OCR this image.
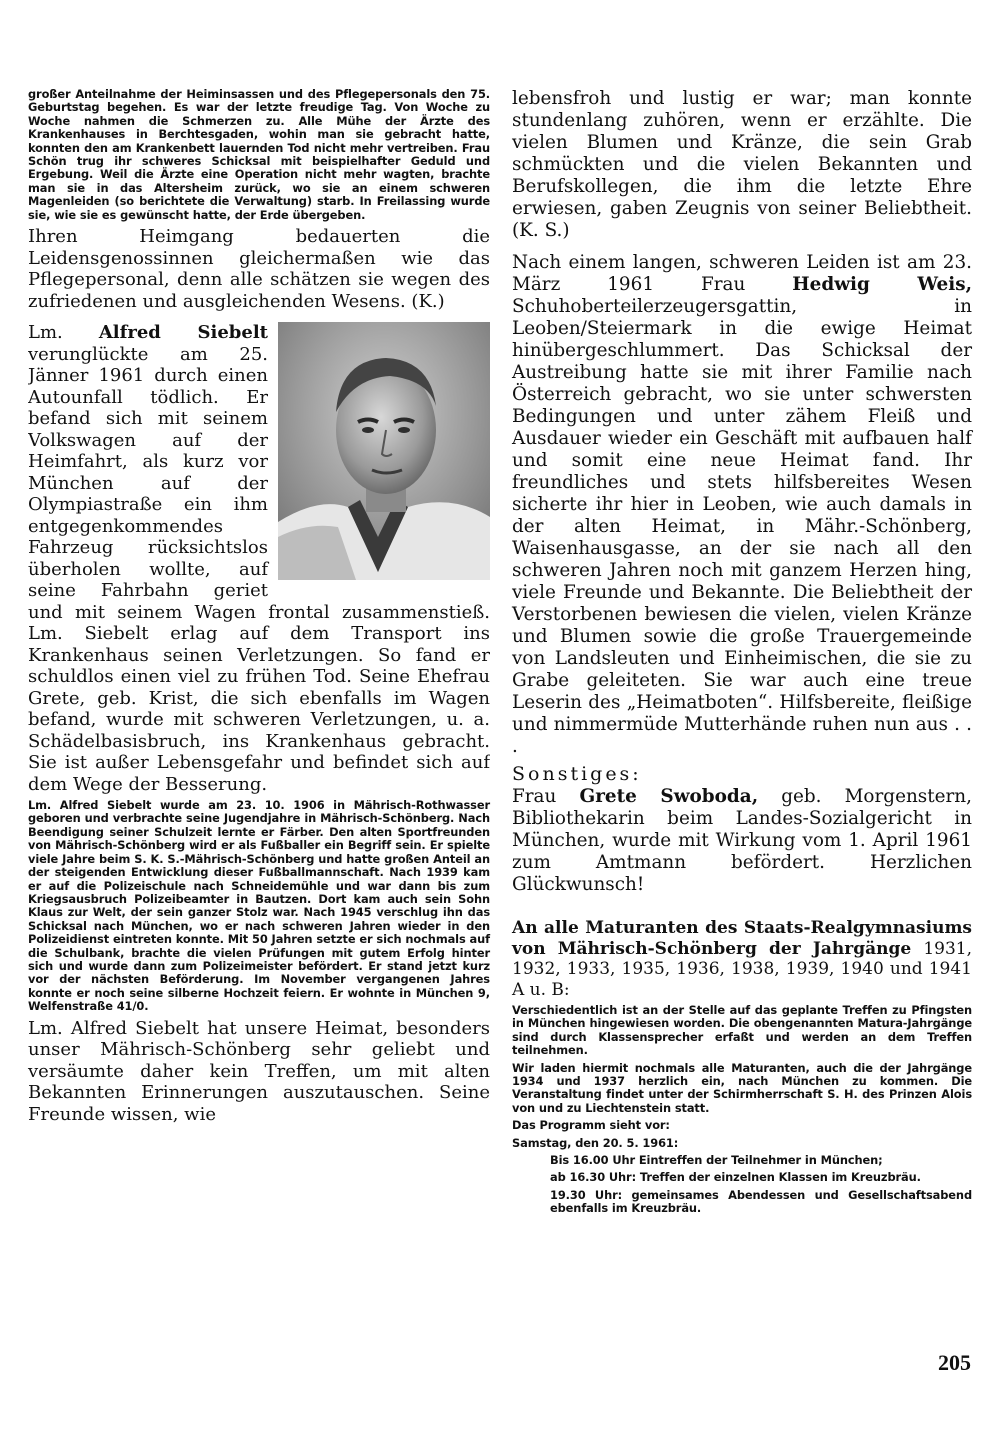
großer Anteilnahme der Heiminsassen und des Pflegepersonals den 75. Geburtstag begehen. Es war der letzte freudige Tag. Von Woche zu Woche nahmen die Schmerzen zu. Alle Mühe der Ärzte des Krankenhauses in Berchtesgaden, wohin man sie gebracht hatte, konnten den am Krankenbett lauernden Tod nicht mehr vertreiben. Frau Schön trug ihr schweres Schicksal mit beispielhafter Geduld und Ergebung. Weil die Ärzte eine Operation nicht mehr wagten, brachte man sie in das Altersheim zurück, wo sie an einem schweren Magenleiden (so berichtete die Verwaltung) starb. In Freilassing wurde sie, wie sie es gewünscht hatte, der Erde übergeben.

Ihren Heimgang bedauerten die Leidensgenossinnen gleichermaßen wie das Pflegepersonal, denn alle schätzen sie wegen des zufriedenen und ausgleichenden Wesens. (K.)

Lm. Alfred Siebelt verunglückte am 25. Jänner 1961 durch einen Autounfall tödlich. Er befand sich mit seinem Volkswagen auf der Heimfahrt, als kurz vor München auf der Olympiastraße ein ihm entgegenkommendes Fahrzeug rücksichtslos überholen wollte, auf seine Fahrbahn geriet und mit seinem Wagen frontal zusammenstieß. Lm. Siebelt erlag auf dem Transport ins Krankenhaus seinen Verletzungen. So fand er schuldlos einen viel zu frühen Tod. Seine Ehefrau Grete, geb. Krist, die sich ebenfalls im Wagen befand, wurde mit schweren Verletzungen, u. a. Schädelbasisbruch, ins Krankenhaus gebracht. Sie ist außer Lebensgefahr und befindet sich auf dem Wege der Besserung.

Lm. Alfred Siebelt wurde am 23. 10. 1906 in Mährisch-Rothwasser geboren und verbrachte seine Jugendjahre in Mährisch-Schönberg. Nach Beendigung seiner Schulzeit lernte er Färber. Den alten Sportfreunden von Mährisch-Schönberg wird er als Fußballer ein Begriff sein. Er spielte viele Jahre beim S. K. S.-Mährisch-Schönberg und hatte großen Anteil an der steigenden Entwicklung dieser Fußballmannschaft. Nach 1939 kam er auf die Polizeischule nach Schneidemühle und war dann bis zum Kriegsausbruch Polizeibeamter in Bautzen. Dort kam auch sein Sohn Klaus zur Welt, der sein ganzer Stolz war. Nach 1945 verschlug ihn das Schicksal nach München, wo er nach schweren Jahren wieder in den Polizeidienst eintreten konnte. Mit 50 Jahren setzte er sich nochmals auf die Schulbank, brachte die vielen Prüfungen mit gutem Erfolg hinter sich und wurde dann zum Polizeimeister befördert. Er stand jetzt kurz vor der nächsten Beförderung. Im November vergangenen Jahres konnte er noch seine silberne Hochzeit feiern. Er wohnte in München 9, Welfenstraße 41/0.

Lm. Alfred Siebelt hat unsere Heimat, besonders unser Mährisch-Schönberg sehr geliebt und versäumte daher kein Treffen, um mit alten Bekannten Erinnerungen auszutauschen. Seine Freunde wissen, wie

lebensfroh und lustig er war; man konnte stundenlang zuhören, wenn er erzählte. Die vielen Blumen und Kränze, die sein Grab schmückten und die vielen Bekannten und Berufskollegen, die ihm die letzte Ehre erwiesen, gaben Zeugnis von seiner Beliebtheit. (K. S.)

Nach einem langen, schweren Leiden ist am 23. März 1961 Frau	Hedwig Weis, Schuhoberteilerzeugersgattin, in Leoben/Steiermark in die ewige Heimat hinübergeschlummert. Das Schicksal der Austreibung hatte sie mit ihrer Familie nach Österreich gebracht, wo sie unter schwersten Bedingungen und unter zähem Fleiß und Ausdauer wieder ein Geschäft mit aufbauen half und somit eine neue Heimat fand. Ihr freundliches und stets hilfsbereites Wesen sicherte ihr hier in Leoben, wie auch damals in der alten Heimat, in Mähr.-Schönberg, Waisenhausgasse, an der sie nach all den schweren Jahren noch mit ganzem Herzen hing, viele Freunde und Bekannte. Die Beliebtheit der Verstorbenen bewiesen die vielen, vielen Kränze und Blumen sowie die große Trauergemeinde von Landsleuten und Einheimischen, die sie zu Grabe geleiteten. Sie war auch eine treue Leserin des „Heimatboten“. Hilfsbereite, fleißige und nimmermüde Mutterhände ruhen nun aus . . .

Sonstiges:

Frau Grete Swoboda, geb. Morgenstern, Bibliothekarin beim Landes-Sozialgericht in München, wurde mit Wirkung vom 1. April 1961 zum Amtmann befördert. Herzlichen Glückwunsch!

An alle Maturanten des Staats-Realgymnasiums von Mährisch-Schönberg der Jahrgänge 1931, 1932, 1933, 1935, 1936, 1938, 1939, 1940 und 1941 A u. B:

Verschiedentlich ist an der Stelle auf das geplante Treffen zu Pfingsten in München hingewiesen worden. Die obengenannten Matura-Jahrgänge sind durch Klassensprecher erfaßt und werden an dem Treffen teilnehmen.

Wir laden hiermit nochmals alle Maturanten, auch die der Jahrgänge 1934 und 1937 herzlich ein, nach München zu kommen. Die Veranstaltung findet unter der Schirmherrschaft S. H. des Prinzen Alois von und zu Liechtenstein statt.

Das Programm sieht vor:

Samstag, den 20. 5. 1961:

Bis 16.00 Uhr Eintreffen der Teilnehmer in München;

ab 16.30 Uhr: Treffen der einzelnen Klassen im Kreuzbräu.

19.30 Uhr: gemeinsames Abendessen und Gesellschaftsabend ebenfalls im Kreuzbräu.

205
